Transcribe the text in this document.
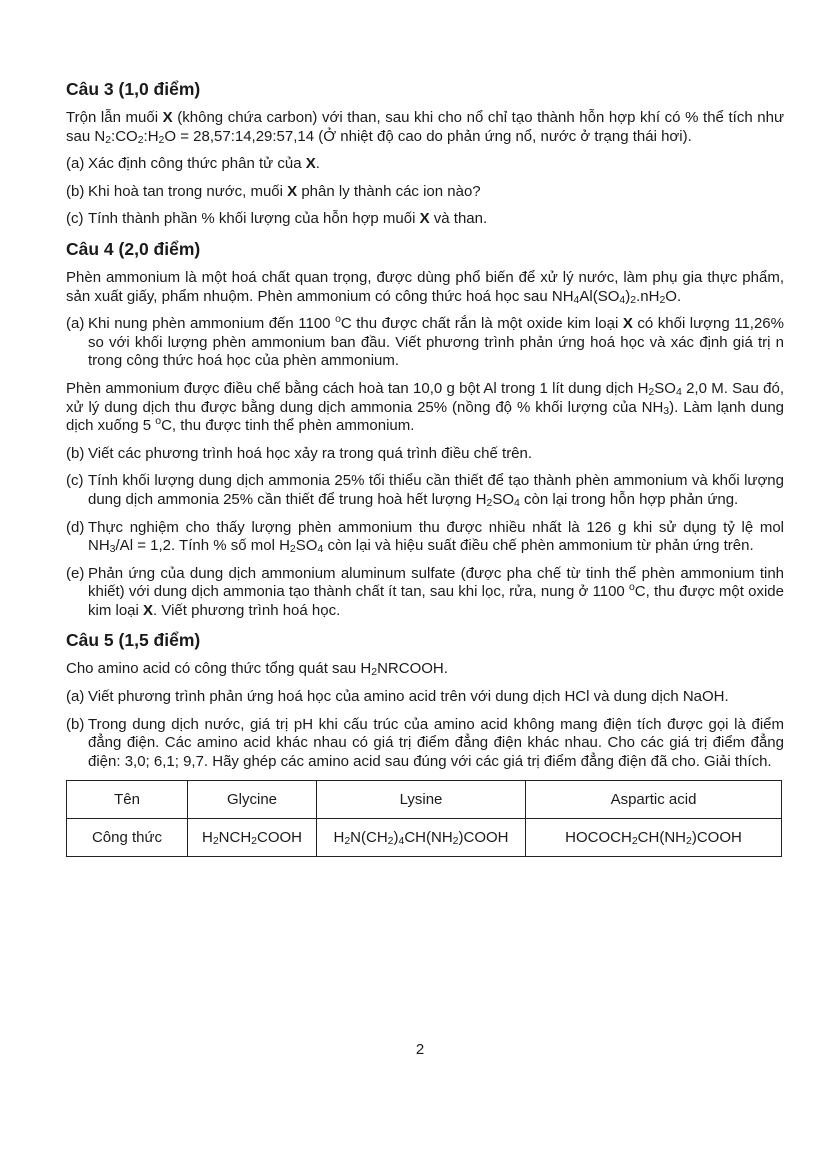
Câu 3 (1,0 điểm)
Trộn lẫn muối X (không chứa carbon) với than, sau khi cho nổ chỉ tạo thành hỗn hợp khí có % thể tích như sau $N_2:CO_2:H_2O$ = 28,57:14,29:57,14 (Ở nhiệt độ cao do phản ứng nổ, nước ở trạng thái hơi).
(a) Xác định công thức phân tử của X.
(b) Khi hoà tan trong nước, muối X phân ly thành các ion nào?
(c) Tính thành phần % khối lượng của hỗn hợp muối X và than.
Câu 4 (2,0 điểm)
Phèn ammonium là một hoá chất quan trọng, được dùng phổ biến để xử lý nước, làm phụ gia thực phẩm, sản xuất giấy, phẩm nhuộm. Phèn ammonium có công thức hoá học sau $NH_4Al(SO_4)_2.nH_2O$.
(a) Khi nung phèn ammonium đến 1100 $^o$C thu được chất rắn là một oxide kim loại X có khối lượng 11,26% so với khối lượng phèn ammonium ban đầu. Viết phương trình phản ứng hoá học và xác định giá trị n trong công thức hoá học của phèn ammonium.
Phèn ammonium được điều chế bằng cách hoà tan 10,0 g bột Al trong 1 lít dung dịch $H_2SO_4$ 2,0 M. Sau đó, xử lý dung dịch thu được bằng dung dịch ammonia 25% (nồng độ % khối lượng của $NH_3$). Làm lạnh dung dịch xuống 5 $^o$C, thu được tinh thể phèn ammonium.
(b) Viết các phương trình hoá học xảy ra trong quá trình điều chế trên.
(c) Tính khối lượng dung dịch ammonia 25% tối thiểu cần thiết để tạo thành phèn ammonium và khối lượng dung dịch ammonia 25% cần thiết để trung hoà hết lượng $H_2SO_4$ còn lại trong hỗn hợp phản ứng.
(d) Thực nghiệm cho thấy lượng phèn ammonium thu được nhiều nhất là 126 g khi sử dụng tỷ lệ mol $NH_3/Al = 1,2$. Tính % số mol $H_2SO_4$ còn lại và hiệu suất điều chế phèn ammonium từ phản ứng trên.
(e) Phản ứng của dung dịch ammonium aluminum sulfate (được pha chế từ tinh thể phèn ammonium tinh khiết) với dung dịch ammonia tạo thành chất ít tan, sau khi lọc, rửa, nung ở 1100 $^o$C, thu được một oxide kim loại X. Viết phương trình hoá học.
Câu 5 (1,5 điểm)
Cho amino acid có công thức tổng quát sau $H_2NRCOOH$.
(a) Viết phương trình phản ứng hoá học của amino acid trên với dung dịch HCl và dung dịch NaOH.
(b) Trong dung dịch nước, giá trị pH khi cấu trúc của amino acid không mang điện tích được gọi là điểm đẳng điện. Các amino acid khác nhau có giá trị điểm đẳng điện khác nhau. Cho các giá trị điểm đẳng điện: 3,0; 6,1; 9,7. Hãy ghép các amino acid sau đúng với các giá trị điểm đẳng điện đã cho. Giải thích.
Tên	Glycine	Lysine	Aspartic acid
Công thức	$H_2NCH_2COOH$	$H_2N(CH_2)_4CH(NH_2)COOH$	$HOCOCH_2CH(NH_2)COOH$
2
